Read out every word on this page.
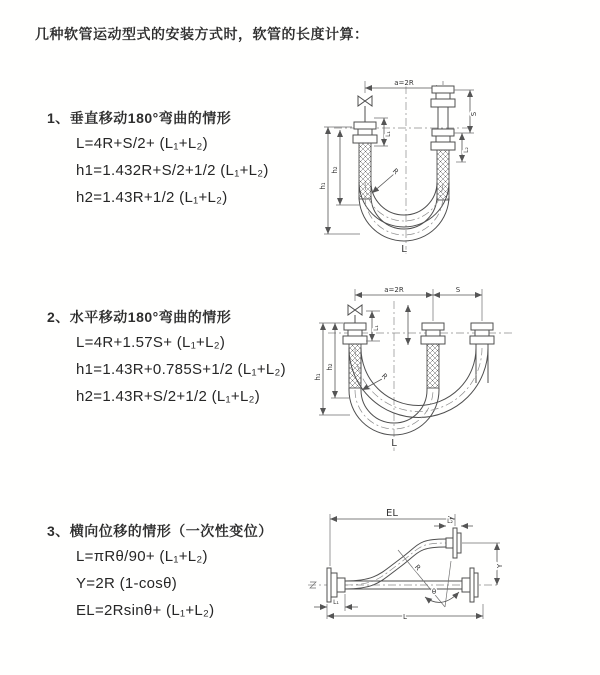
几种软管运动型式的安装方式时，软管的长度计算：
1、垂直移动180°弯曲的情形
L=4R+S/2+ (L₁+L₂)
h1=1.432R+S/2+1/2 (L₁+L₂)
h2=1.43R+1/2 (L₁+L₂)
2、水平移动180°弯曲的情形
L=4R+1.57S+ (L₁+L₂)
h1=1.43R+0.785S+1/2 (L₁+L₂)
h2=1.43R+S/2+1/2 (L₁+L₂)
3、横向位移的情形（一次性变位）
L=πRθ/90+ (L₁+L₂)
Y=2R (1-cosθ)
EL=2Rsinθ+ (L₁+L₂)
a=2R
S
L₂
h₁
h₂
L₁
R
L
a=2R	S
h₁
h₂
L₁
R
L
EL
L₂
Y
R
θ
L₁
L
